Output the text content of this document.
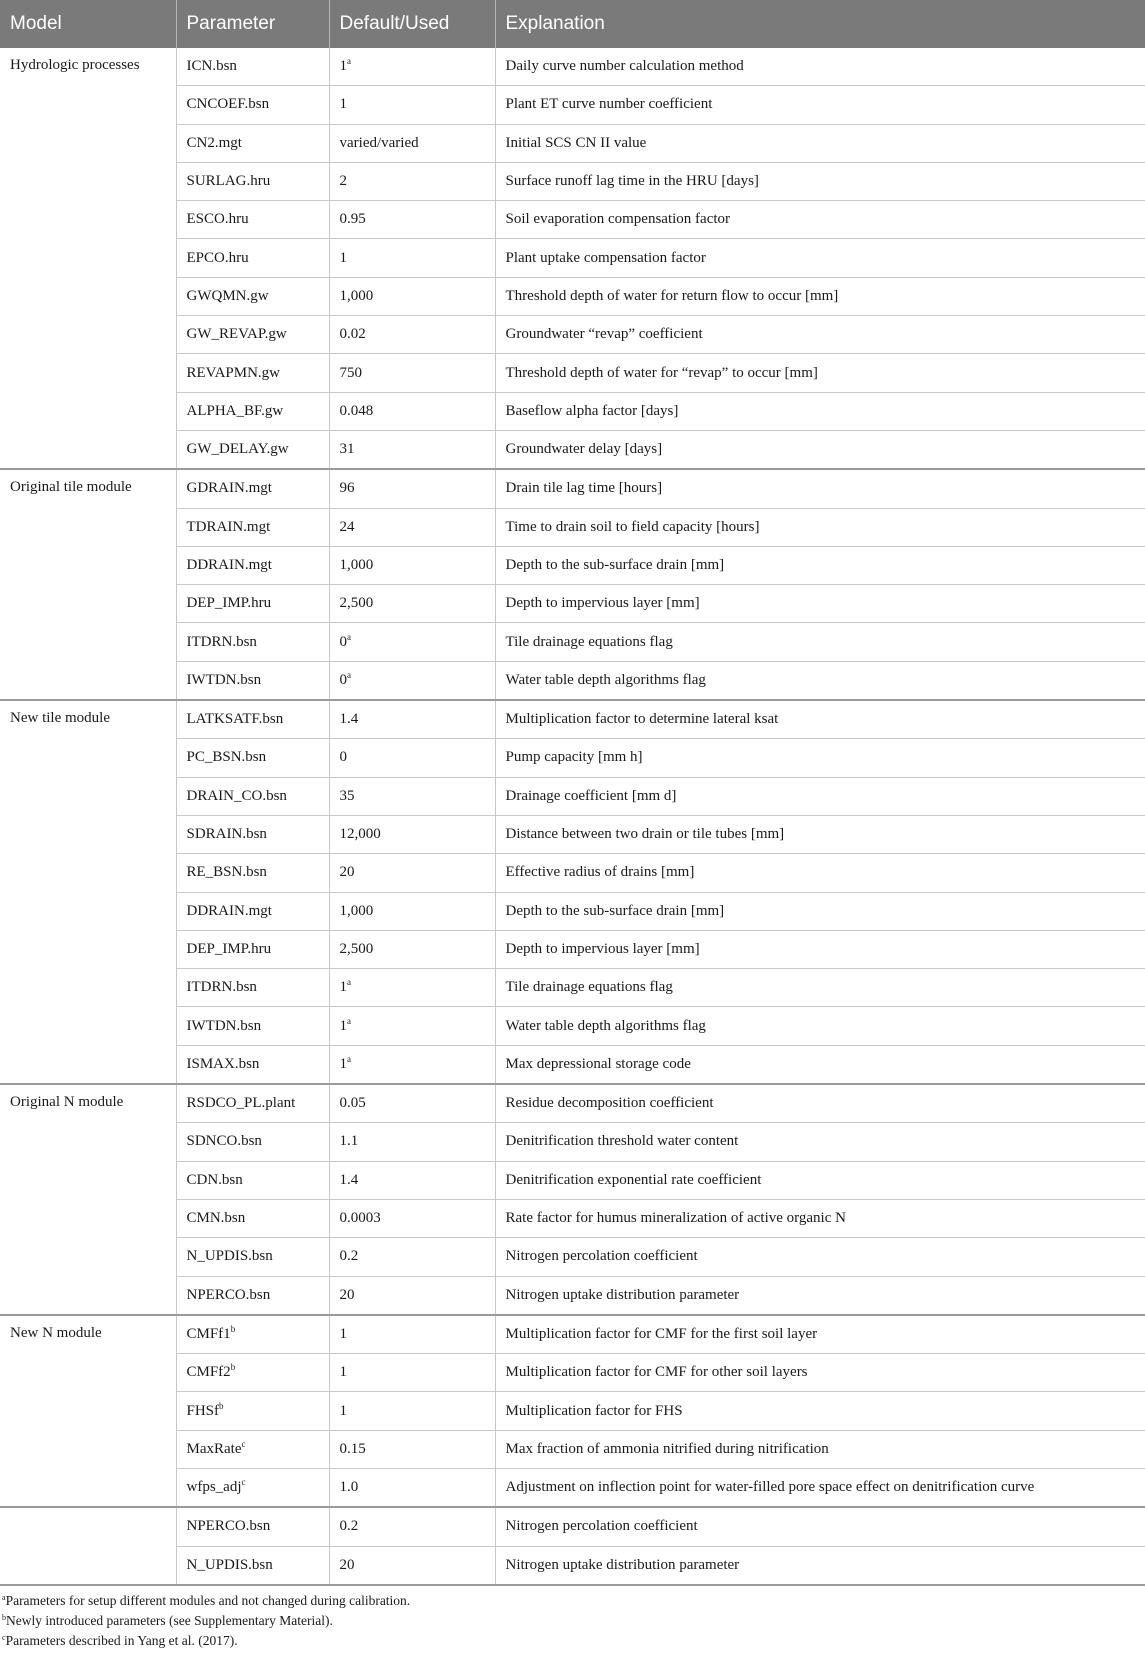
Model	Parameter	Default/Used	Explanation
Hydrologic processes	ICN.bsn	1$^a$	Daily curve number calculation method
	CNCOEF.bsn	1	Plant ET curve number coefficient
	CN2.mgt	varied/varied	Initial SCS CN II value
	SURLAG.hru	2	Surface runoff lag time in the HRU [days]
	ESCO.hru	0.95	Soil evaporation compensation factor
	EPCO.hru	1	Plant uptake compensation factor
	GWQMN.gw	1,000	Threshold depth of water for return flow to occur [mm]
	GW_REVAP.gw	0.02	Groundwater “revap” coefficient
	REVAPMN.gw	750	Threshold depth of water for “revap” to occur [mm]
	ALPHA_BF.gw	0.048	Baseflow alpha factor [days]
	GW_DELAY.gw	31	Groundwater delay [days]
Original tile module	GDRAIN.mgt	96	Drain tile lag time [hours]
	TDRAIN.mgt	24	Time to drain soil to field capacity [hours]
	DDRAIN.mgt	1,000	Depth to the sub-surface drain [mm]
	DEP_IMP.hru	2,500	Depth to impervious layer [mm]
	ITDRN.bsn	0$^a$	Tile drainage equations flag
	IWTDN.bsn	0$^a$	Water table depth algorithms flag
New tile module	LATKSATF.bsn	1.4	Multiplication factor to determine lateral ksat
	PC_BSN.bsn	0	Pump capacity [mm h]
	DRAIN_CO.bsn	35	Drainage coefficient [mm d]
	SDRAIN.bsn	12,000	Distance between two drain or tile tubes [mm]
	RE_BSN.bsn	20	Effective radius of drains [mm]
	DDRAIN.mgt	1,000	Depth to the sub-surface drain [mm]
	DEP_IMP.hru	2,500	Depth to impervious layer [mm]
	ITDRN.bsn	1$^a$	Tile drainage equations flag
	IWTDN.bsn	1$^a$	Water table depth algorithms flag
	ISMAX.bsn	1$^a$	Max depressional storage code
Original N module	RSDCO_PL.plant	0.05	Residue decomposition coefficient
	SDNCO.bsn	1.1	Denitrification threshold water content
	CDN.bsn	1.4	Denitrification exponential rate coefficient
	CMN.bsn	0.0003	Rate factor for humus mineralization of active organic N
	N_UPDIS.bsn	0.2	Nitrogen percolation coefficient
	NPERCO.bsn	20	Nitrogen uptake distribution parameter
New N module	CMFf1$^b$	1	Multiplication factor for CMF for the first soil layer
	CMFf2$^b$	1	Multiplication factor for CMF for other soil layers
	FHSf$^b$	1	Multiplication factor for FHS
	MaxRate$^c$	0.15	Max fraction of ammonia nitrified during nitrification
	wfps_adj$^c$	1.0	Adjustment on inflection point for water-filled pore space effect on denitrification curve
	NPERCO.bsn	0.2	Nitrogen percolation coefficient
	N_UPDIS.bsn	20	Nitrogen uptake distribution parameter
$^a$Parameters for setup different modules and not changed during calibration.
$^b$Newly introduced parameters (see Supplementary Material).
$^c$Parameters described in Yang et al. (2017).
